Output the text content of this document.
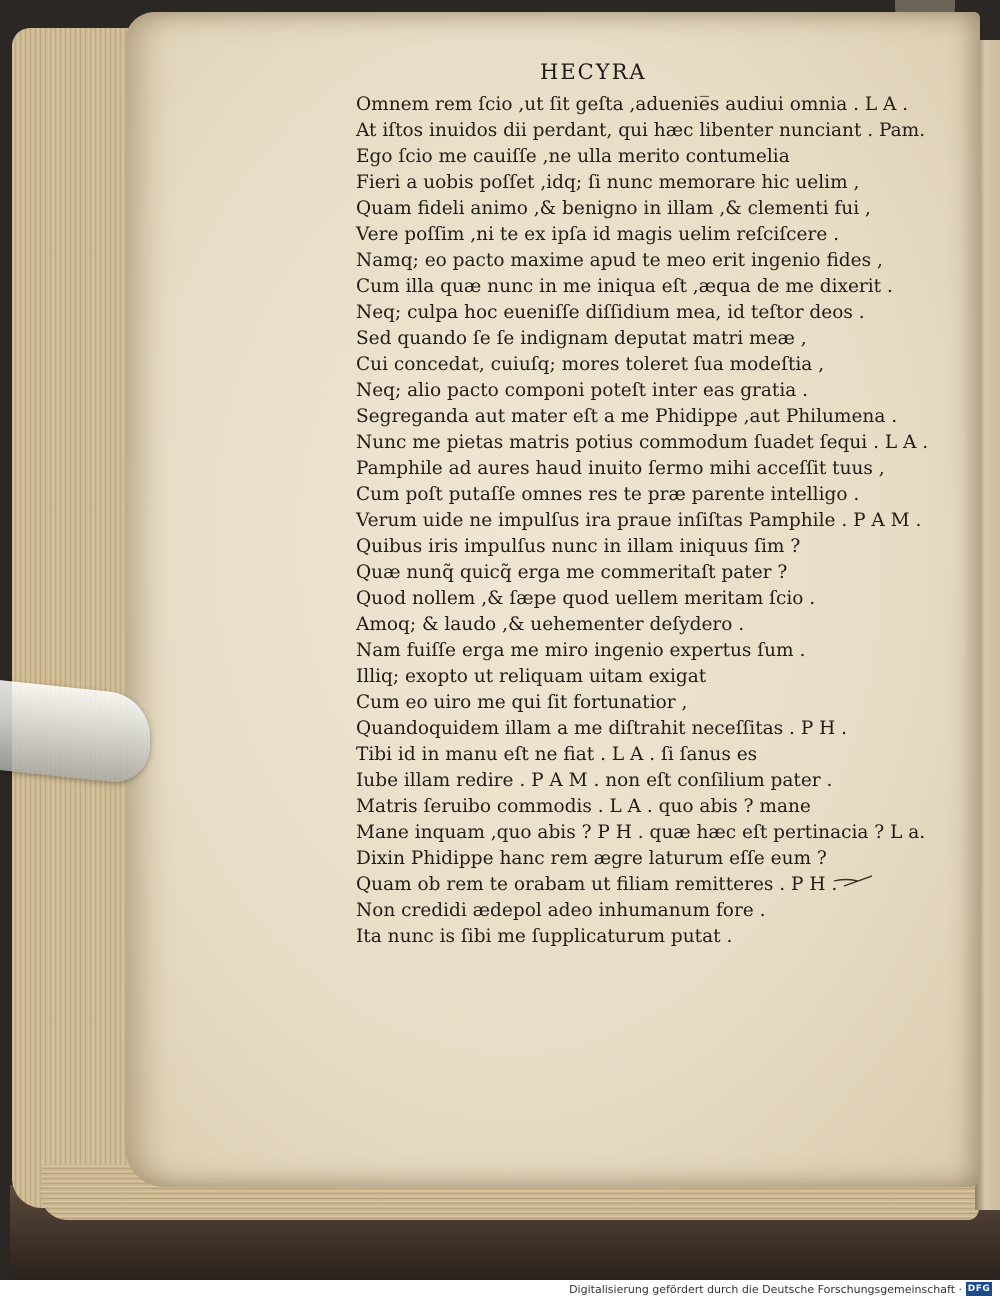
HECYRA
Omnem rem ſcio ,ut ſit geſta ,aduenie̅s audiui omnia . L A .
At iſtos inuidos dii perdant, qui hæc libenter nunciant . Pam.
Ego ſcio me cauiſſe ,ne ulla merito contumelia
Fieri a uobis poſſet ,idq; ſi nunc memorare hic uelim ,
Quam fideli animo ,& benigno in illam ,& clementi fui ,
Vere poſſim ,ni te ex ipſa id magis uelim reſciſcere .
Namq; eo pacto maxime apud te meo erit ingenio fides ,
Cum illa quæ nunc in me iniqua eſt ,æqua de me dixerit .
Neq; culpa hoc eueniſſe diſſidium mea, id teſtor deos .
Sed quando ſe ſe indignam deputat matri meæ ,
Cui concedat, cuiuſq; mores toleret ſua modeſtia ,
Neq; alio pacto componi poteſt inter eas gratia .
Segreganda aut mater eſt a me Phidippe ,aut Philumena .
Nunc me pietas matris potius commodum ſuadet ſequi . L A .
Pamphile ad aures haud inuito ſermo mihi acceſſit tuus ,
Cum poſt putaſſe omnes res te præ parente intelligo .
Verum uide ne impulſus ira praue inſiſtas Pamphile . P A M .
Quibus iris impulſus nunc in illam iniquus ſim ?
Quæ nunq̃ quicq̃ erga me commeritaſt pater ?
Quod nollem ,& ſæpe quod uellem meritam ſcio .
Amoq; & laudo ,& uehementer deſydero .
Nam fuiſſe erga me miro ingenio expertus ſum .
Illiq; exopto ut reliquam uitam exigat
Cum eo uiro me qui ſit fortunatior ,
Quandoquidem illam a me diſtrahit neceſſitas . P H .
Tibi id in manu eſt ne fiat . L A . ſi ſanus es
Iube illam redire . P A M . non eſt conſilium pater .
Matris ſeruibo commodis . L A . quo abis ? mane
Mane inquam ,quo abis ? P H . quæ hæc eſt pertinacia ? L a.
Dixin Phidippe hanc rem ægre laturum eſſe eum ?
Quam ob rem te orabam ut filiam remitteres . P H .
Non credidi ædepol adeo inhumanum fore .
Ita nunc is ſibi me ſupplicaturum putat .
Digitalisierung gefördert durch die Deutsche Forschungsgemeinschaft · DFG
